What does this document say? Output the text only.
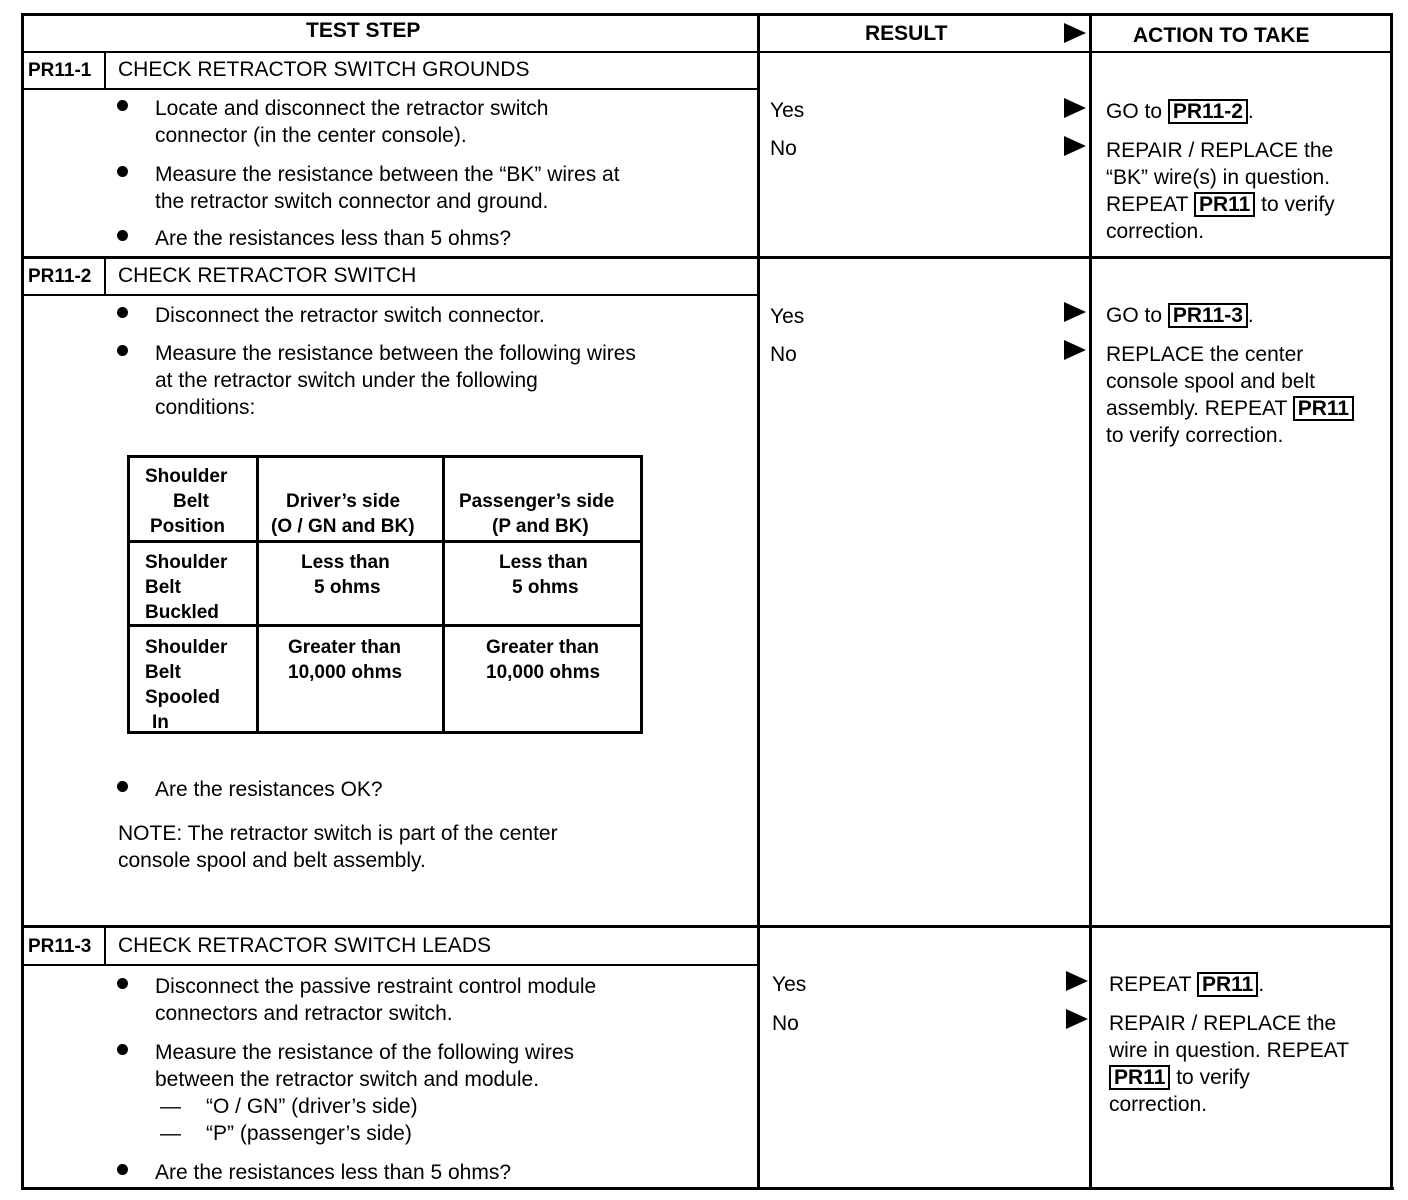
TEST STEP	RESULT	ACTION TO TAKE
PR11-1 CHECK RETRACTOR SWITCH GROUNDS
Locate and disconnect the retractor switch
connector (in the center console).
Measure the resistance between the “BK” wires at
the retractor switch connector and ground.
Are the resistances less than 5 ohms?
Yes
No
GO to PR11-2 .
REPAIR / REPLACE the
“BK” wire(s) in question.
REPEAT PR11 to verify
correction.
PR11-2 CHECK RETRACTOR SWITCH
Disconnect the retractor switch connector.
Measure the resistance between the following wires
at the retractor switch under the following
conditions:
Shoulder
Belt
Position
Driver’s side
(O / GN and BK)
Passenger’s side
(P and BK)
Shoulder
Belt
Buckled
Less than
5 ohms
Less than
5 ohms
Shoulder
Belt
Spooled
In
Greater than
10,000 ohms
Greater than
10,000 ohms
Are the resistances OK?
NOTE: The retractor switch is part of the center
console spool and belt assembly.
Yes
No
GO to PR11-3 .
REPLACE the center
console spool and belt
assembly. REPEAT PR11
to verify correction.
PR11-3 CHECK RETRACTOR SWITCH LEADS
Disconnect the passive restraint control module
connectors and retractor switch.
Measure the resistance of the following wires
between the retractor switch and module.
— “O / GN” (driver’s side)
— “P” (passenger’s side)
Are the resistances less than 5 ohms?
Yes
No
REPEAT PR11 .
REPAIR / REPLACE the
wire in question. REPEAT
PR11 to verify
correction.
